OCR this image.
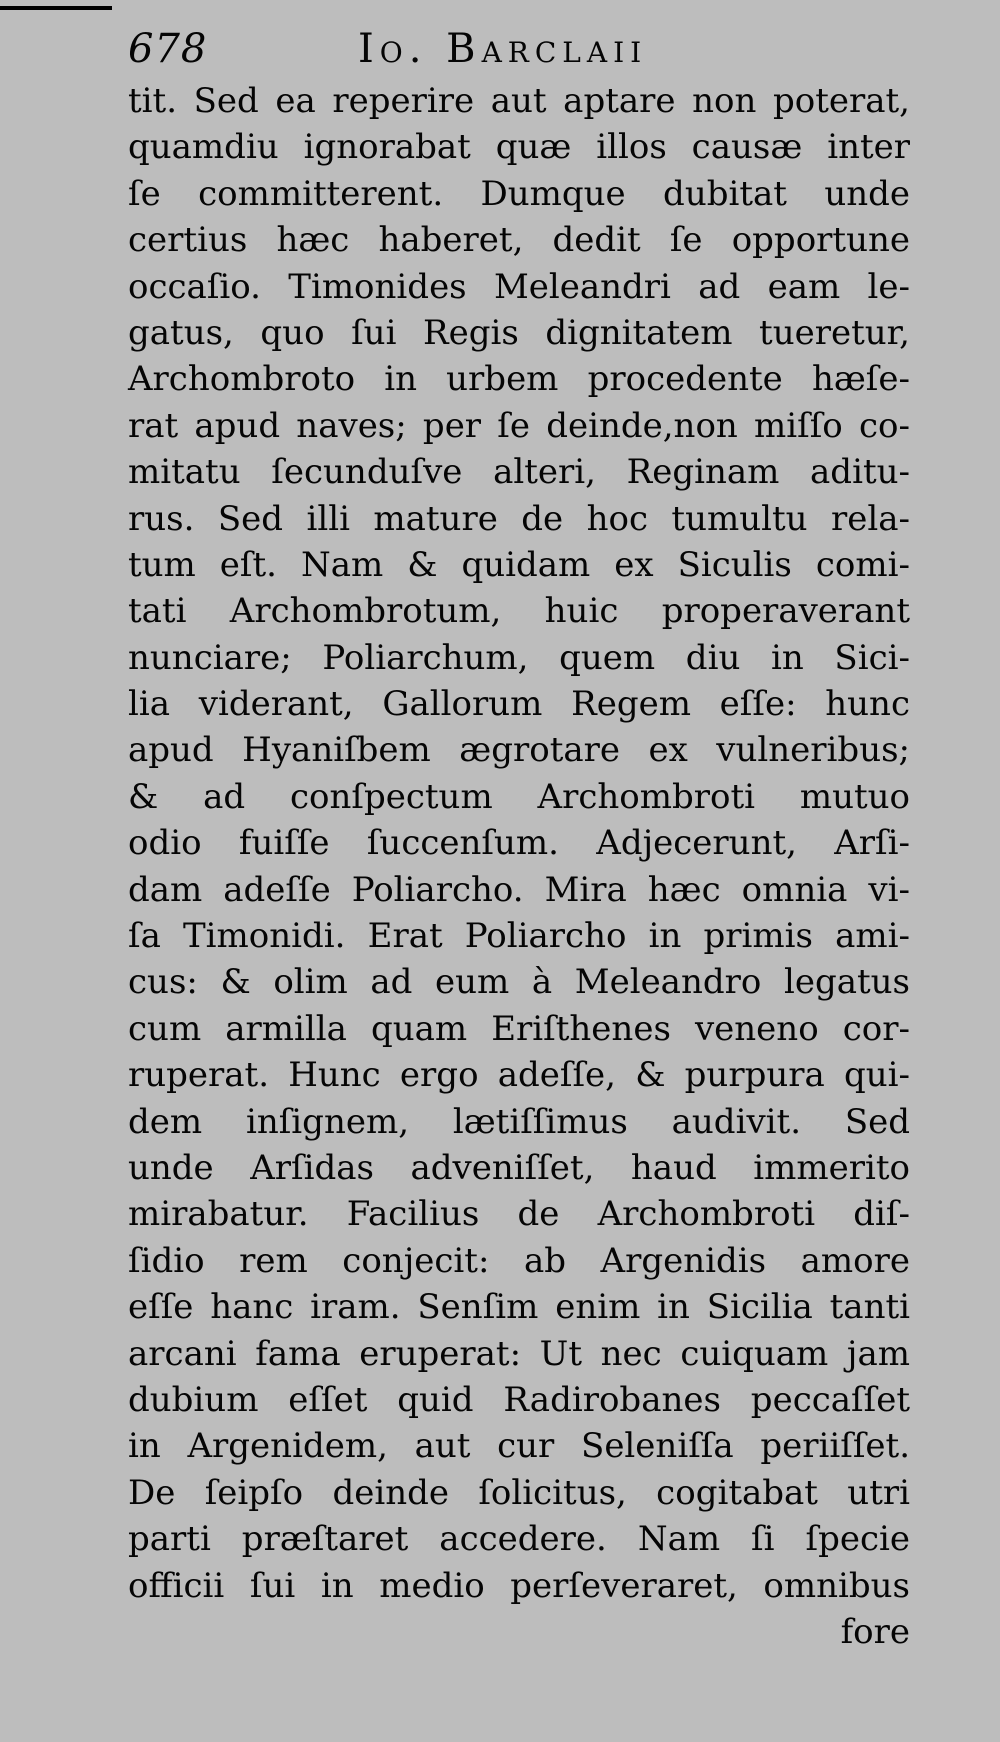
678	Io. Barclaii
tit. Sed ea reperire aut aptare non poterat,
quamdiu ignorabat quæ illos causæ inter
ſe committerent. Dumque dubitat unde
certius hæc haberet, dedit ſe opportune
occaſio. Timonides Meleandri ad eam le-
gatus, quo ſui Regis dignitatem tueretur,
Archombroto in urbem procedente hæſe-
rat apud naves; per ſe deinde,non miſſo co-
mitatu ſecunduſve alteri, Reginam aditu-
rus. Sed illi mature de hoc tumultu rela-
tum eſt. Nam & quidam ex Siculis comi-
tati Archombrotum, huic properaverant
nunciare; Poliarchum, quem diu in Sici-
lia viderant, Gallorum Regem eſſe: hunc
apud Hyaniſbem ægrotare ex vulneribus;
& ad conſpectum Archombroti mutuo
odio fuiſſe ſuccenſum. Adjecerunt, Arſi-
dam adeſſe Poliarcho. Mira hæc omnia vi-
ſa Timonidi. Erat Poliarcho in primis ami-
cus: & olim ad eum à Meleandro legatus
cum armilla quam Eriſthenes veneno cor-
ruperat. Hunc ergo adeſſe, & purpura qui-
dem inſignem, lætiſſimus audivit. Sed
unde Arſidas adveniſſet, haud immerito
mirabatur. Facilius de Archombroti diſ-
ſidio rem conjecit: ab Argenidis amore
eſſe hanc iram. Senſim enim in Sicilia tanti
arcani fama eruperat: Ut nec cuiquam jam
dubium eſſet quid Radirobanes peccaſſet
in Argenidem, aut cur Seleniſſa periiſſet.
De ſeipſo deinde ſolicitus, cogitabat utri
parti præſtaret accedere. Nam ſi ſpecie
officii ſui in medio perſeveraret, omnibus
fore
